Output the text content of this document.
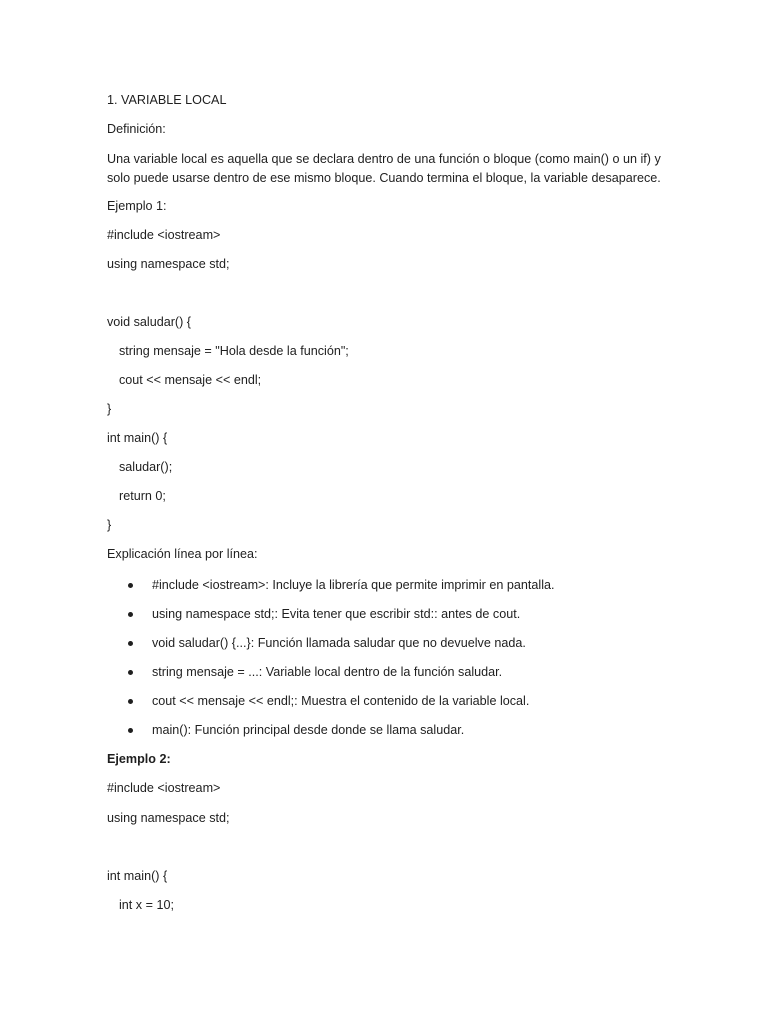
1. VARIABLE LOCAL
Definición:
Una variable local es aquella que se declara dentro de una función o bloque (como main() o un if) y solo puede usarse dentro de ese mismo bloque. Cuando termina el bloque, la variable desaparece.
Ejemplo 1:
#include <iostream>
using namespace std;
void saludar() {
string mensaje = "Hola desde la función";
cout << mensaje << endl;
}
int main() {
saludar();
return 0;
}
Explicación línea por línea:
#include <iostream>: Incluye la librería que permite imprimir en pantalla.
using namespace std;: Evita tener que escribir std:: antes de cout.
void saludar() {...}: Función llamada saludar que no devuelve nada.
string mensaje = ...: Variable local dentro de la función saludar.
cout << mensaje << endl;: Muestra el contenido de la variable local.
main(): Función principal desde donde se llama saludar.
Ejemplo 2:
#include <iostream>
using namespace std;
int main() {
int x = 10;
